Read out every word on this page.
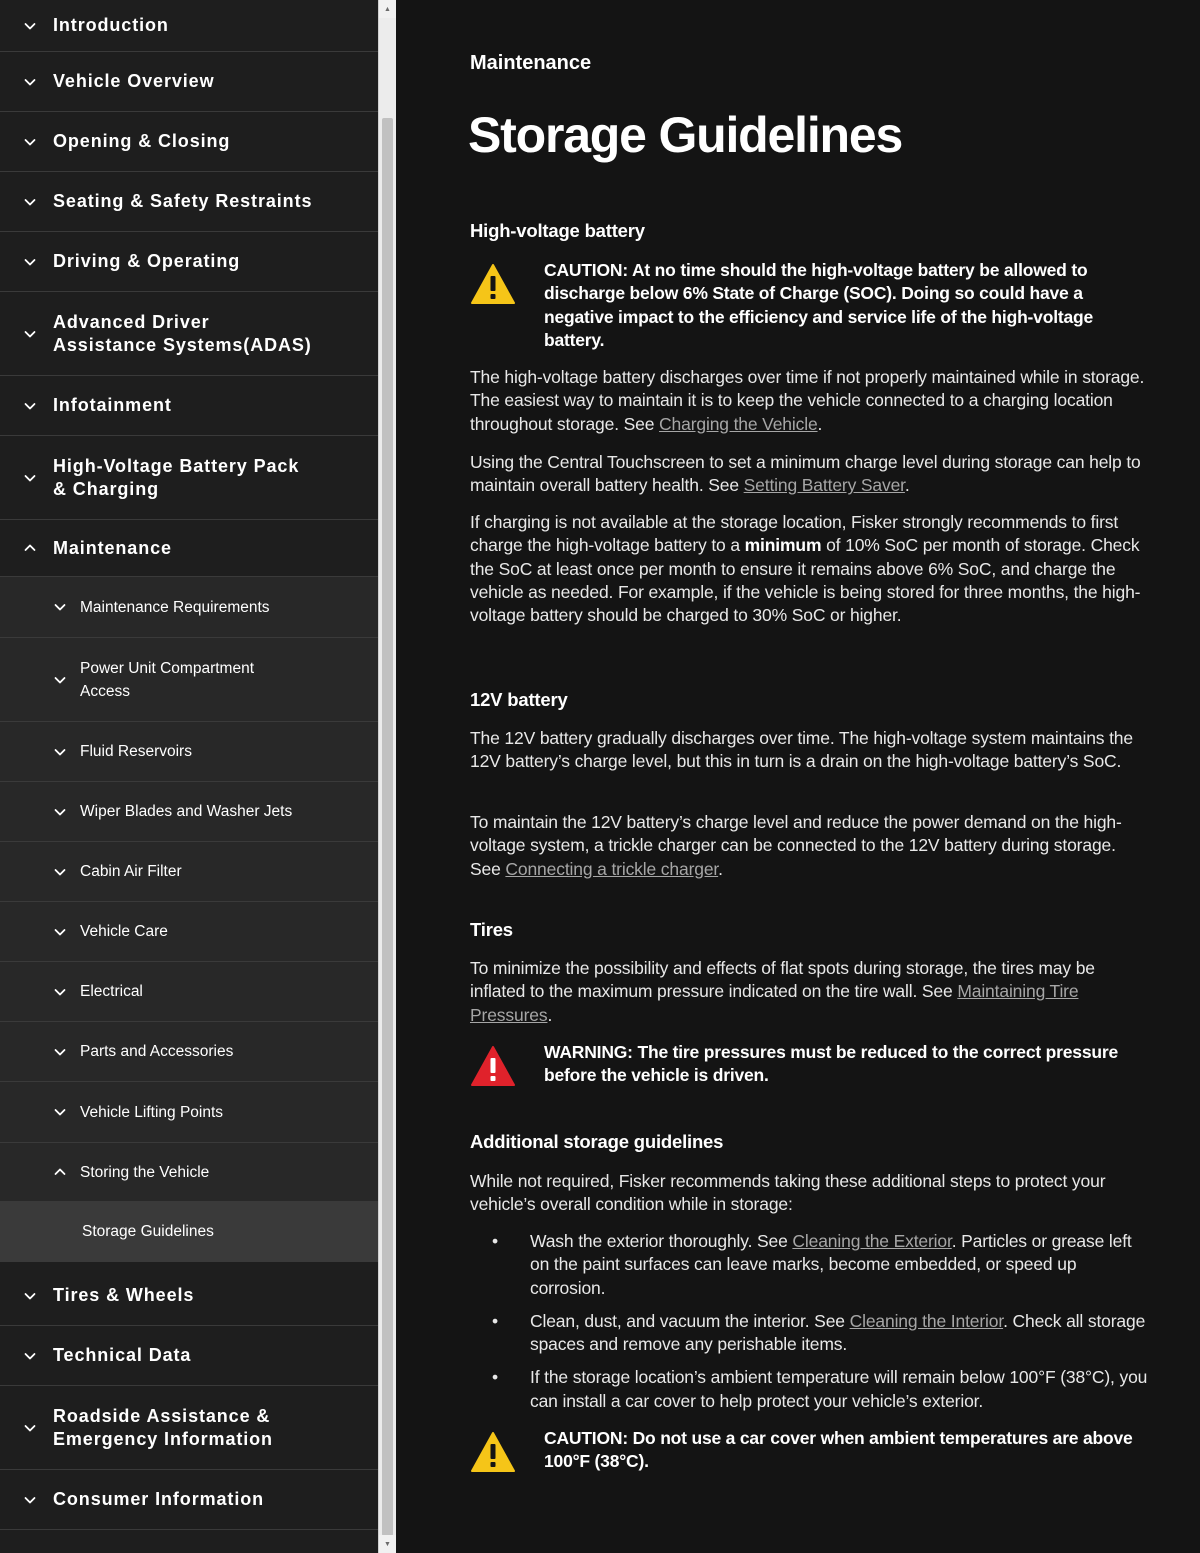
Introduction
Vehicle Overview
Opening & Closing
Seating & Safety Restraints
Driving & Operating
Advanced Driver
Assistance Systems(ADAS)
Infotainment
High-Voltage Battery Pack
& Charging
Maintenance
Maintenance Requirements
Power Unit Compartment
Access
Fluid Reservoirs
Wiper Blades and Washer Jets
Cabin Air Filter
Vehicle Care
Electrical
Parts and Accessories
Vehicle Lifting Points
Storing the Vehicle
Storage Guidelines
Tires & Wheels
Technical Data
Roadside Assistance &
Emergency Information
Consumer Information
▲
▼
Maintenance
Storage Guidelines
High-voltage battery
CAUTION: At no time should the high-voltage battery be allowed to discharge below 6% State of Charge (SOC). Doing so could have a negative impact to the efficiency and service life of the high-voltage battery.

The high-voltage battery discharges over time if not properly maintained while in storage. The easiest way to maintain it is to keep the vehicle connected to a charging location throughout storage. See Charging the Vehicle.

Using the Central Touchscreen to set a minimum charge level during storage can help to maintain overall battery health. See Setting Battery Saver.

If charging is not available at the storage location, Fisker strongly recommends to first charge the high-voltage battery to a minimum of 10% SoC per month of storage. Check the SoC at least once per month to ensure it remains above 6% SoC, and charge the vehicle as needed. For example, if the vehicle is being stored for three months, the high-voltage battery should be charged to 30% SoC or higher.

12V battery

The 12V battery gradually discharges over time. The high-voltage system maintains the 12V battery’s charge level, but this in turn is a drain on the high-voltage battery’s SoC.

To maintain the 12V battery’s charge level and reduce the power demand on the high-voltage system, a trickle charger can be connected to the 12V battery during storage. See Connecting a trickle charger.

Tires

To minimize the possibility and effects of flat spots during storage, the tires may be inflated to the maximum pressure indicated on the tire wall. See Maintaining Tire Pressures.

WARNING: The tire pressures must be reduced to the correct pressure before the vehicle is driven.
Additional storage guidelines

While not required, Fisker recommends taking these additional steps to protect your vehicle’s overall condition while in storage:

• Wash the exterior thoroughly. See Cleaning the Exterior. Particles or grease left on the paint surfaces can leave marks, become embedded, or speed up corrosion.
• Clean, dust, and vacuum the interior. See Cleaning the Interior. Check all storage spaces and remove any perishable items.
• If the storage location’s ambient temperature will remain below 100°F (38°C), you can install a car cover to help protect your vehicle’s exterior.
CAUTION: Do not use a car cover when ambient temperatures are above 100°F (38°C).
